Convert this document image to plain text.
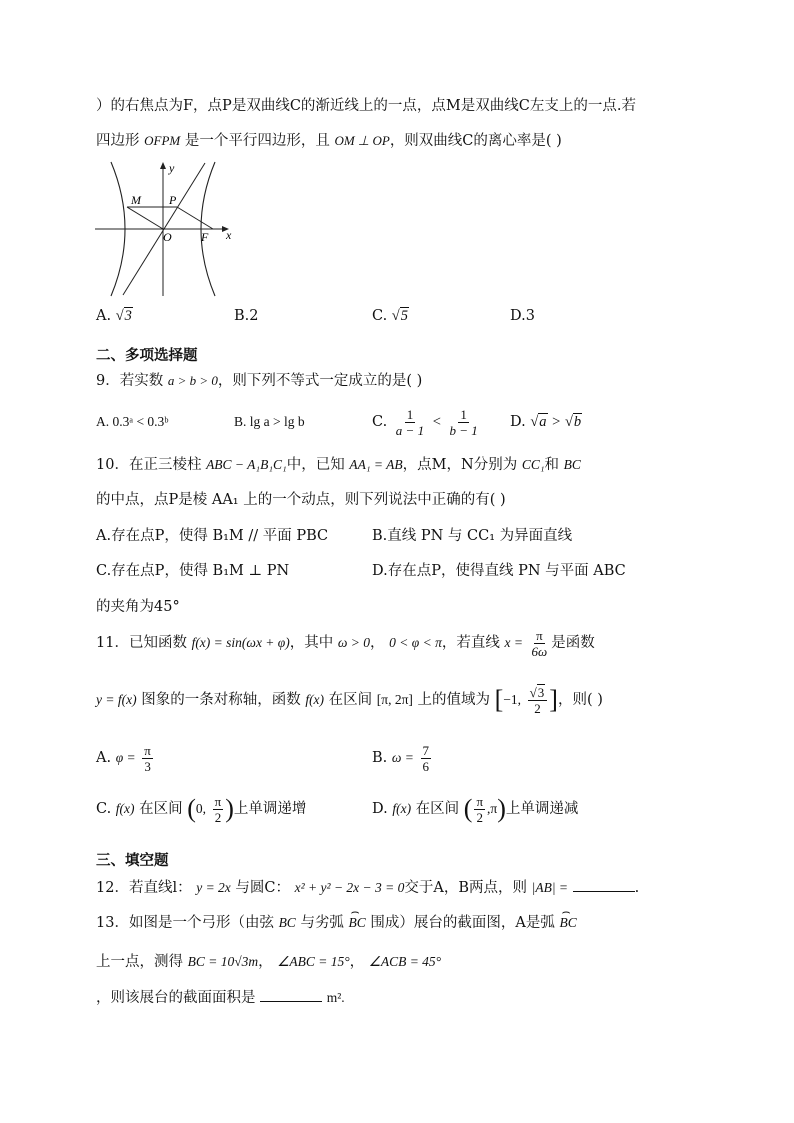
）的右焦点为F，点P是双曲线C的渐近线上的一点，点M是双曲线C左支上的一点.若
四边形 OFPM 是一个平行四边形，且 OM ⊥ OP，则双曲线C的离心率是( )
y
x
M P
O F
A. √3	B.2	C. √5	D.3
二、多项选择题
9．若实数 a > b > 0，则下列不等式一定成立的是( )
A. 0.3ᵃ < 0.3ᵇ	B. lg a > lg b	C. $\frac{1}{a - 1} < \frac{1}{b - 1} D$. √a > √b
10．在正三棱柱 ABC − A₁B₁C₁中，已知 AA₁ = AB，点M，N分别为 CC₁和 BC
的中点，点P是棱 AA₁ 上的一个动点，则下列说法中正确的有( )
A.存在点P，使得 B₁M // 平面 PBC	B.直线 PN 与 CC₁ 为异面直线
C.存在点P，使得 B₁M ⊥ PN	D.存在点P，使得直线 PN 与平面 ABC
的夹角为45°
11．已知函数 f(x) = sin(ωx + φ)，其中 ω > 0， 0 < φ < π，若直线 $x = \frac{\pi}{6\omega}$ 是函数
y = f(x) 图象的一条对称轴，函数 f(x) 在区间 [π, 2π] 上的值域为 [−1, $\frac{√3}{2}$ ]，则( )
A. $\varphi = \frac{\pi}{3}$	B. $\omega = \frac{7}{6}$
C. f(x) 在区间 (0, $\frac{\pi}{2}$ )上单调递增	D. f(x) 在区间 ( $\frac{\pi}{2} ,\pi$)上单调递减
三、填空题
12．若直线l： y = 2x 与圆C： x² + y² − 2x − 3 = 0交于A，B两点，则 |AB| =	.
13．如图是一个弓形（由弦 BC 与劣弧 ⌢ BC 围成）展台的截面图，A是弧 ⌢ BC
上一点，测得 BC = 10√3m， ∠ABC = 15°， ∠ACB = 45°
，则该展台的截面面积是	m².
